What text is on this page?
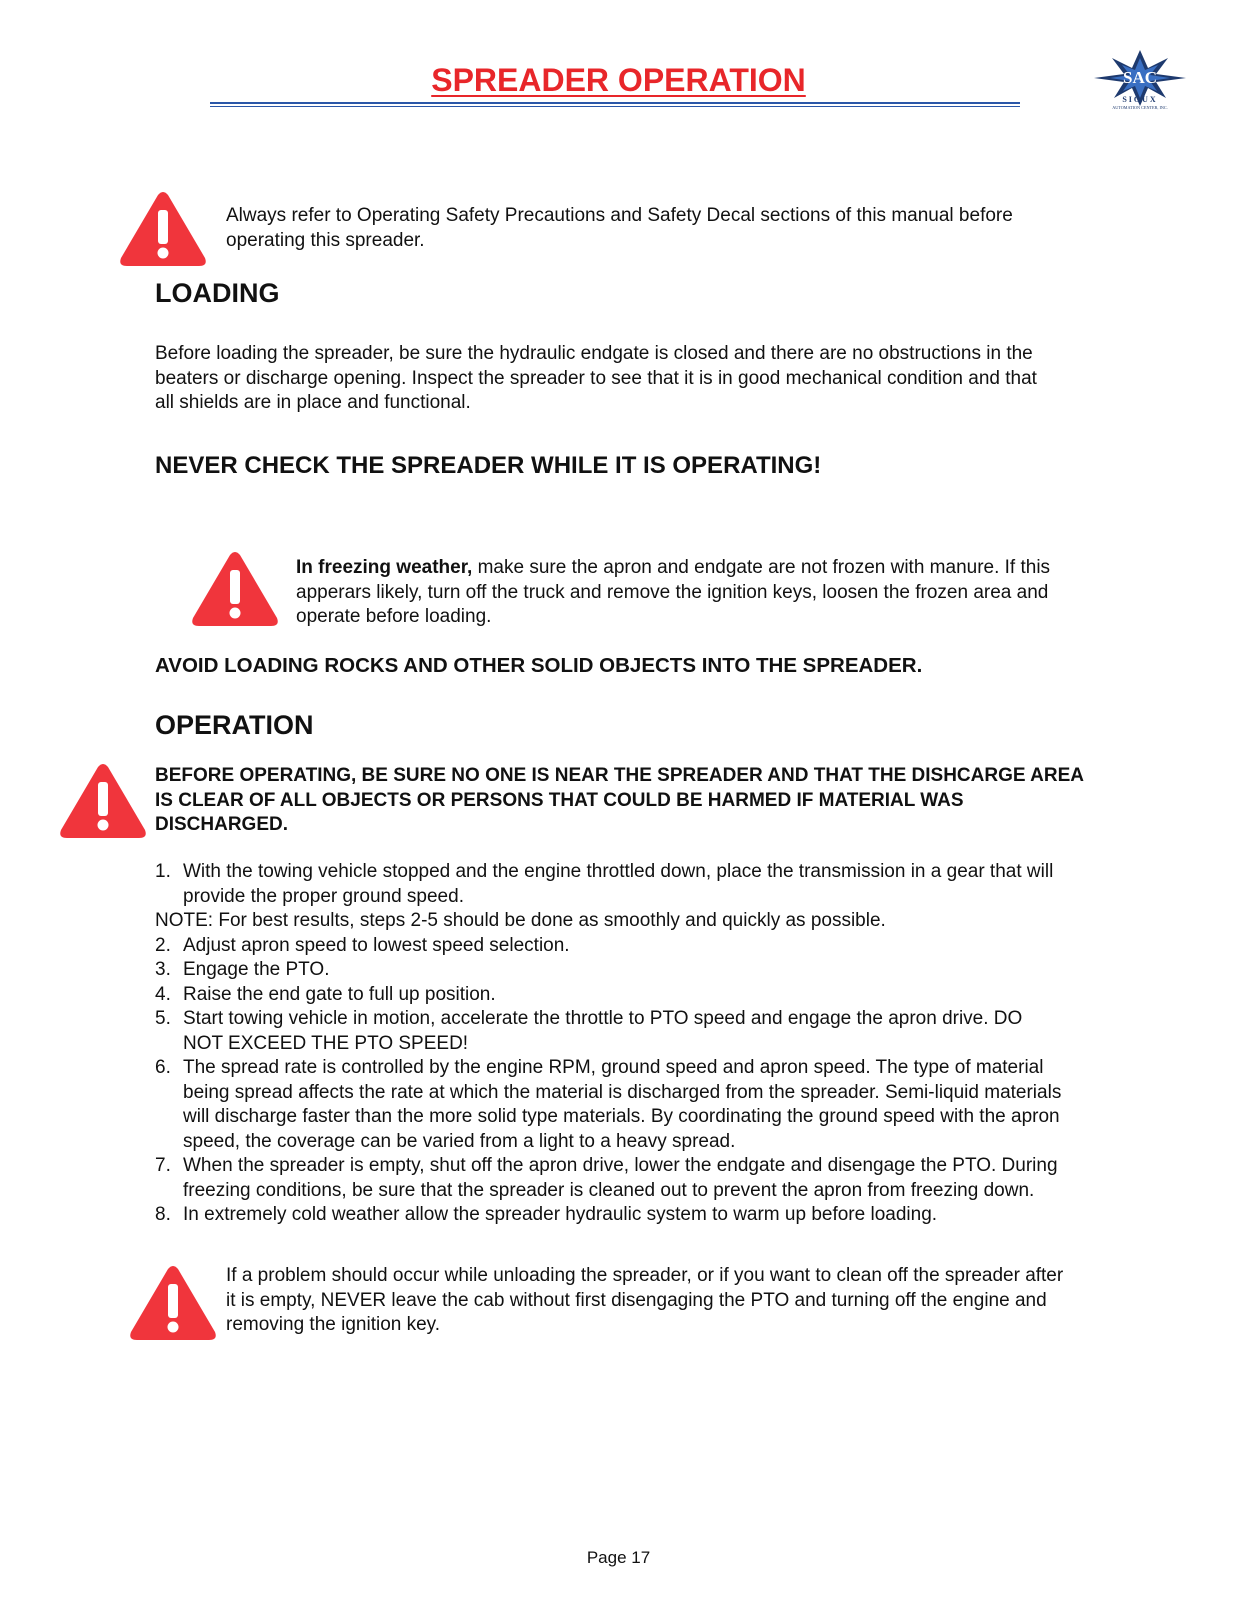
SPREADER OPERATION	SAC
SIOUX
AUTOMATION CENTER, INC.
Always refer to Operating Safety Precautions and Safety Decal sections of this manual before operating this spreader.
LOADING
Before loading the spreader, be sure the hydraulic endgate is closed and there are no obstructions in the beaters or discharge opening. Inspect the spreader to see that it is in good mechanical condition and that all shields are in place and functional.
NEVER CHECK THE SPREADER WHILE IT IS OPERATING!
In freezing weather, make sure the apron and endgate are not frozen with manure. If this apperars likely, turn off the truck and remove the ignition keys, loosen the frozen area and operate before loading.
AVOID LOADING ROCKS AND OTHER SOLID OBJECTS INTO THE SPREADER.
OPERATION
BEFORE OPERATING, BE SURE NO ONE IS NEAR THE SPREADER AND THAT THE DISHCARGE AREA IS CLEAR OF ALL OBJECTS OR PERSONS THAT COULD BE HARMED IF MATERIAL WAS DISCHARGED.
1. With the towing vehicle stopped and the engine throttled down, place the transmission in a gear that will provide the proper ground speed.
NOTE: For best results, steps 2-5 should be done as smoothly and quickly as possible.
2. Adjust apron speed to lowest speed selection.
3. Engage the PTO.
4. Raise the end gate to full up position.
5. Start towing vehicle in motion, accelerate the throttle to PTO speed and engage the apron drive. DO NOT EXCEED THE PTO SPEED!
6. The spread rate is controlled by the engine RPM, ground speed and apron speed. The type of material being spread affects the rate at which the material is discharged from the spreader. Semi-liquid materials will discharge faster than the more solid type materials. By coordinating the ground speed with the apron speed, the coverage can be varied from a light to a heavy spread.
7. When the spreader is empty, shut off the apron drive, lower the endgate and disengage the PTO. During freezing conditions, be sure that the spreader is cleaned out to prevent the apron from freezing down.
8. In extremely cold weather allow the spreader hydraulic system to warm up before loading.
If a problem should occur while unloading the spreader, or if you want to clean off the spreader after it is empty, NEVER leave the cab without first disengaging the PTO and turning off the engine and removing the ignition key.
Page 17
